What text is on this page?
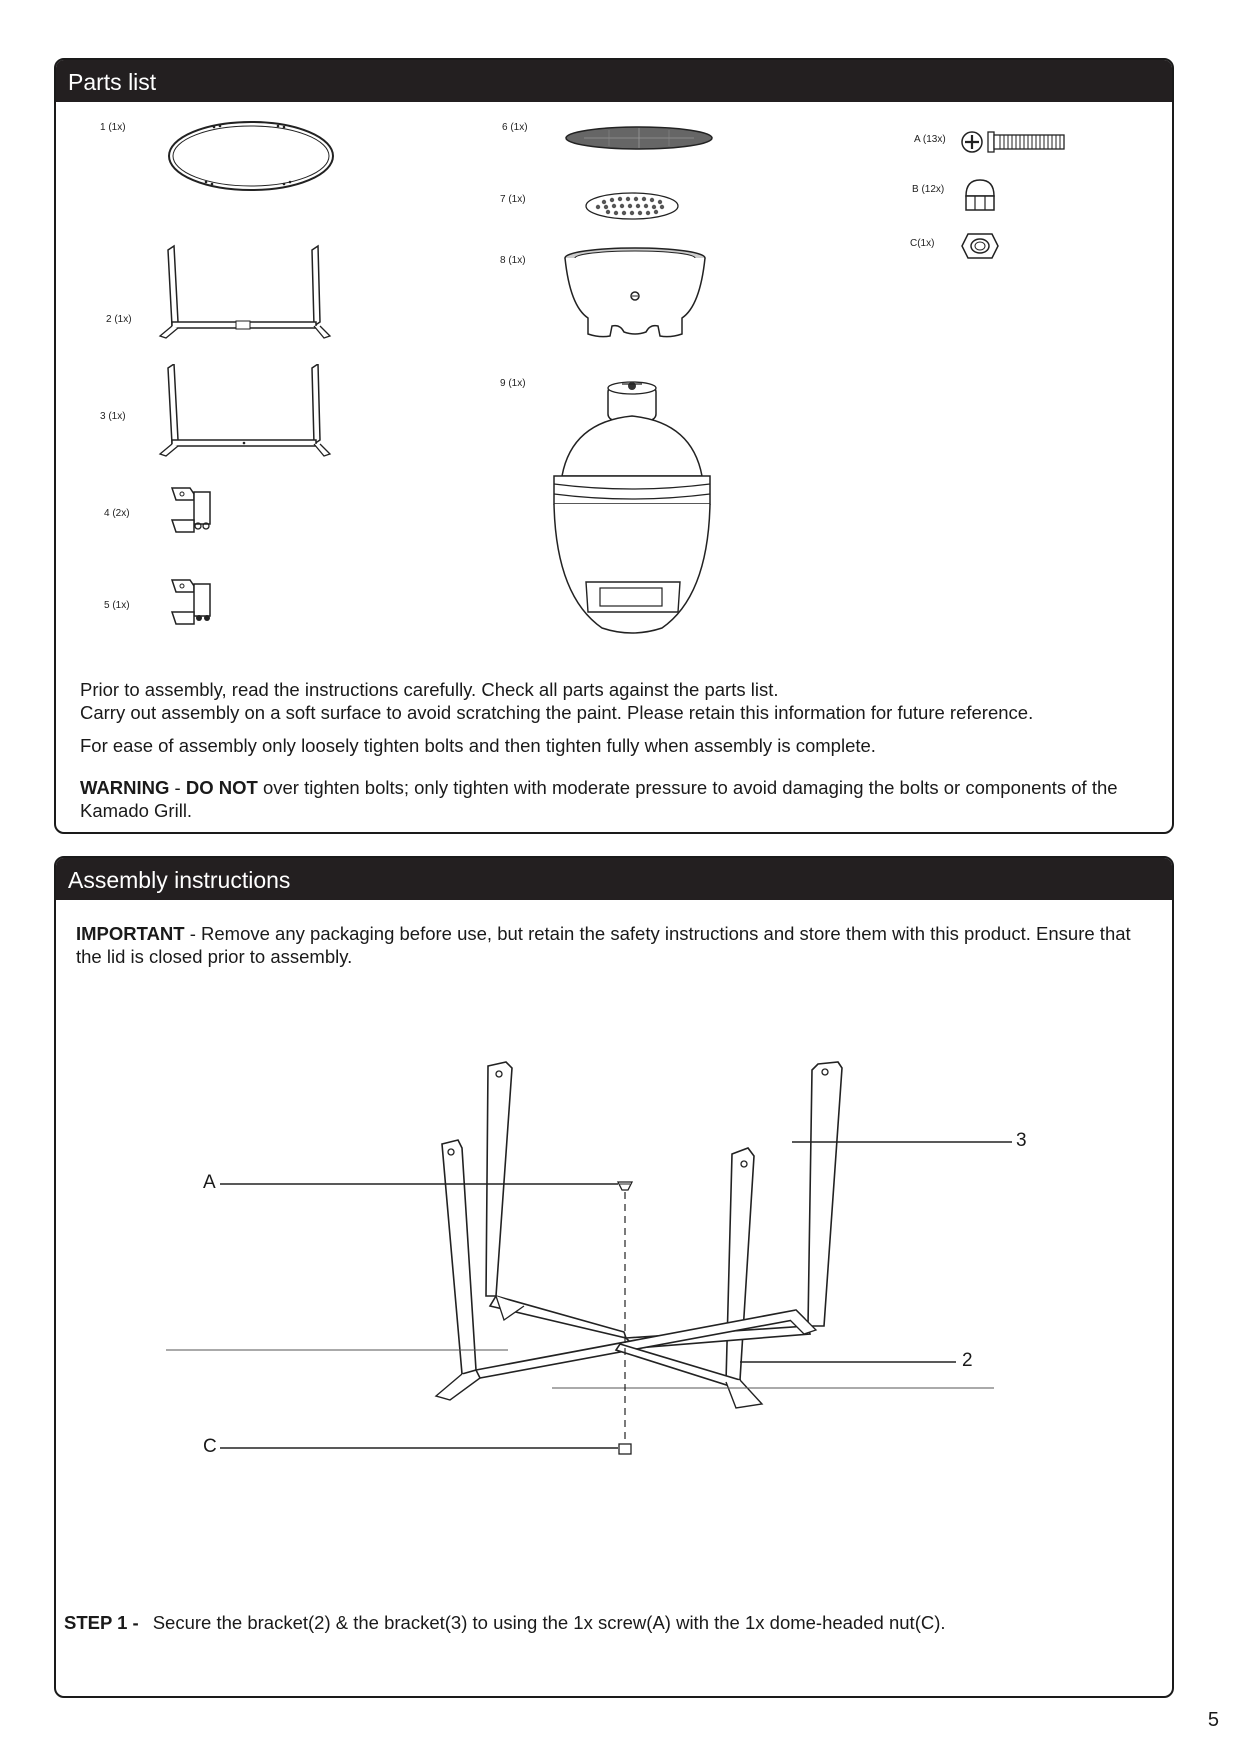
Parts list
1 (1x)
2 (1x)
3 (1x)
4 (2x)
5 (1x)
6 (1x)
7 (1x)
8 (1x)
9 (1x)
A (13x)
B (12x)
C(1x)
Prior to assembly, read the instructions carefully. Check all parts against the parts list.
Carry out assembly on a soft surface to avoid scratching the paint. Please retain this information for future reference.
For ease of assembly only loosely tighten bolts and then tighten fully when assembly is complete.
WARNING - DO NOT over tighten bolts; only tighten with moderate pressure to avoid damaging the bolts or components of the Kamado Grill.
Assembly instructions
IMPORTANT - Remove any packaging before use, but retain the safety instructions and store them with this product. Ensure that the lid is closed prior to assembly.
A
C
3
2
STEP 1 - Secure the bracket(2) & the bracket(3) to using the 1x screw(A) with the 1x dome-headed nut(C).
5
